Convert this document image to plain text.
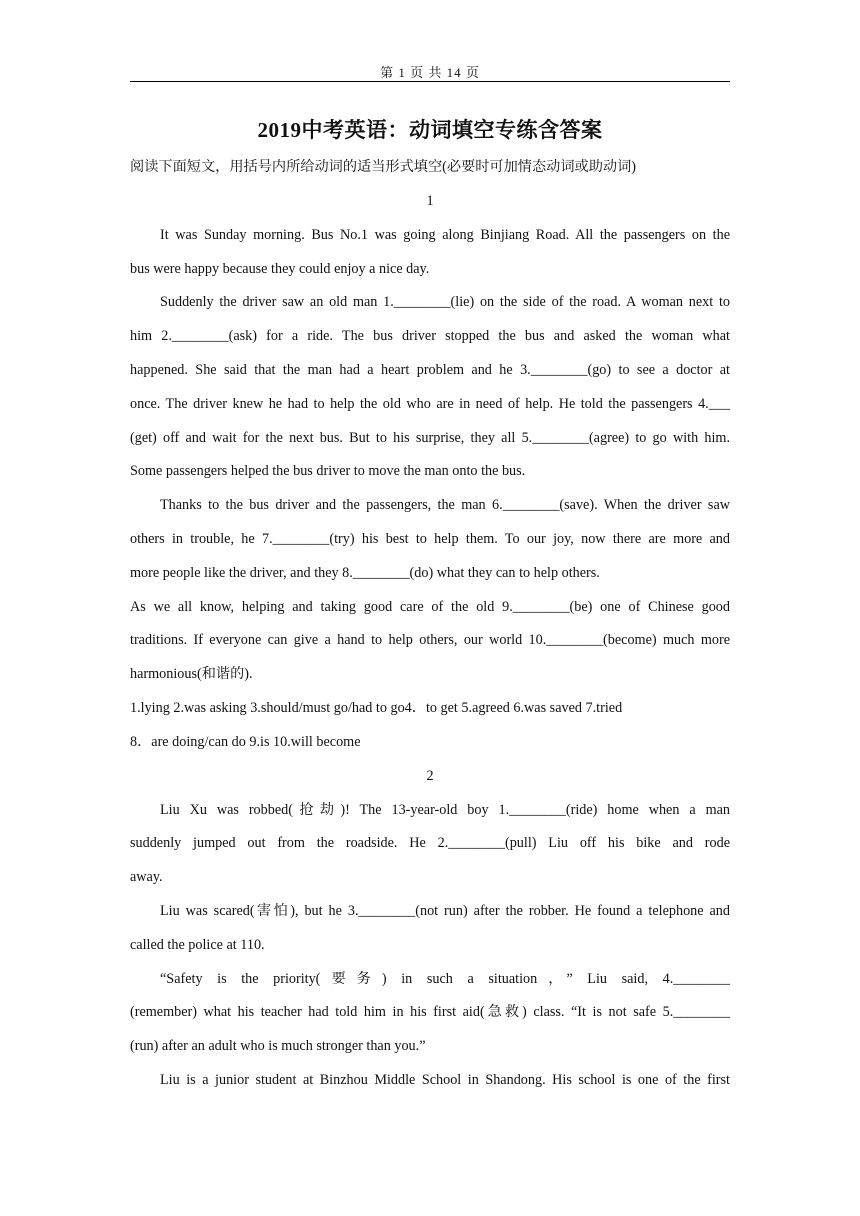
第 1 页 共 14 页
2019中考英语：动词填空专练含答案
阅读下面短文，用括号内所给动词的适当形式填空(必要时可加情态动词或助动词)
1
It was Sunday morning. Bus No.1 was going along Binjiang Road. All the passengers on the
bus were happy because they could enjoy a nice day.
Suddenly the driver saw an old man 1.________(lie) on the side of the road. A woman next to
him 2.________(ask) for a ride. The bus driver stopped the bus and asked the woman what
happened. She said that the man had a heart problem and he 3.________(go) to see a doctor at
once. The driver knew he had to help the old who are in need of help. He told the passengers 4.___
(get) off and wait for the next bus. But to his surprise, they all 5.________(agree) to go with him.
Some passengers helped the bus driver to move the man onto the bus.
Thanks to the bus driver and the passengers, the man 6.________(save). When the driver saw
others in trouble, he 7.________(try) his best to help them. To our joy, now there are more and
more people like the driver, and they 8.________(do) what they can to help others.
As we all know, helping and taking good care of the old 9.________(be) one of Chinese good
traditions. If everyone can give a hand to help others, our world 10.________(become) much more
harmonious(和谐的).
1.lying 2.was asking 3.should/must go/had to go4．to get 5.agreed 6.was saved 7.tried
8．are doing/can do 9.is 10.will become
2
Liu Xu was robbed(抢劫)! The 13-year-old boy 1.________(ride) home when a man
suddenly jumped out from the roadside. He 2.________(pull) Liu off his bike and rode
away.
Liu was scared(害怕), but he 3.________(not run) after the robber. He found a telephone and
called the police at 110.
“Safety is the priority(要务) in such a situation，” Liu said, 4.________
(remember) what his teacher had told him in his first aid(急救) class. “It is not safe 5.________
(run) after an adult who is much stronger than you.”
Liu is a junior student at Binzhou Middle School in Shandong. His school is one of the first
